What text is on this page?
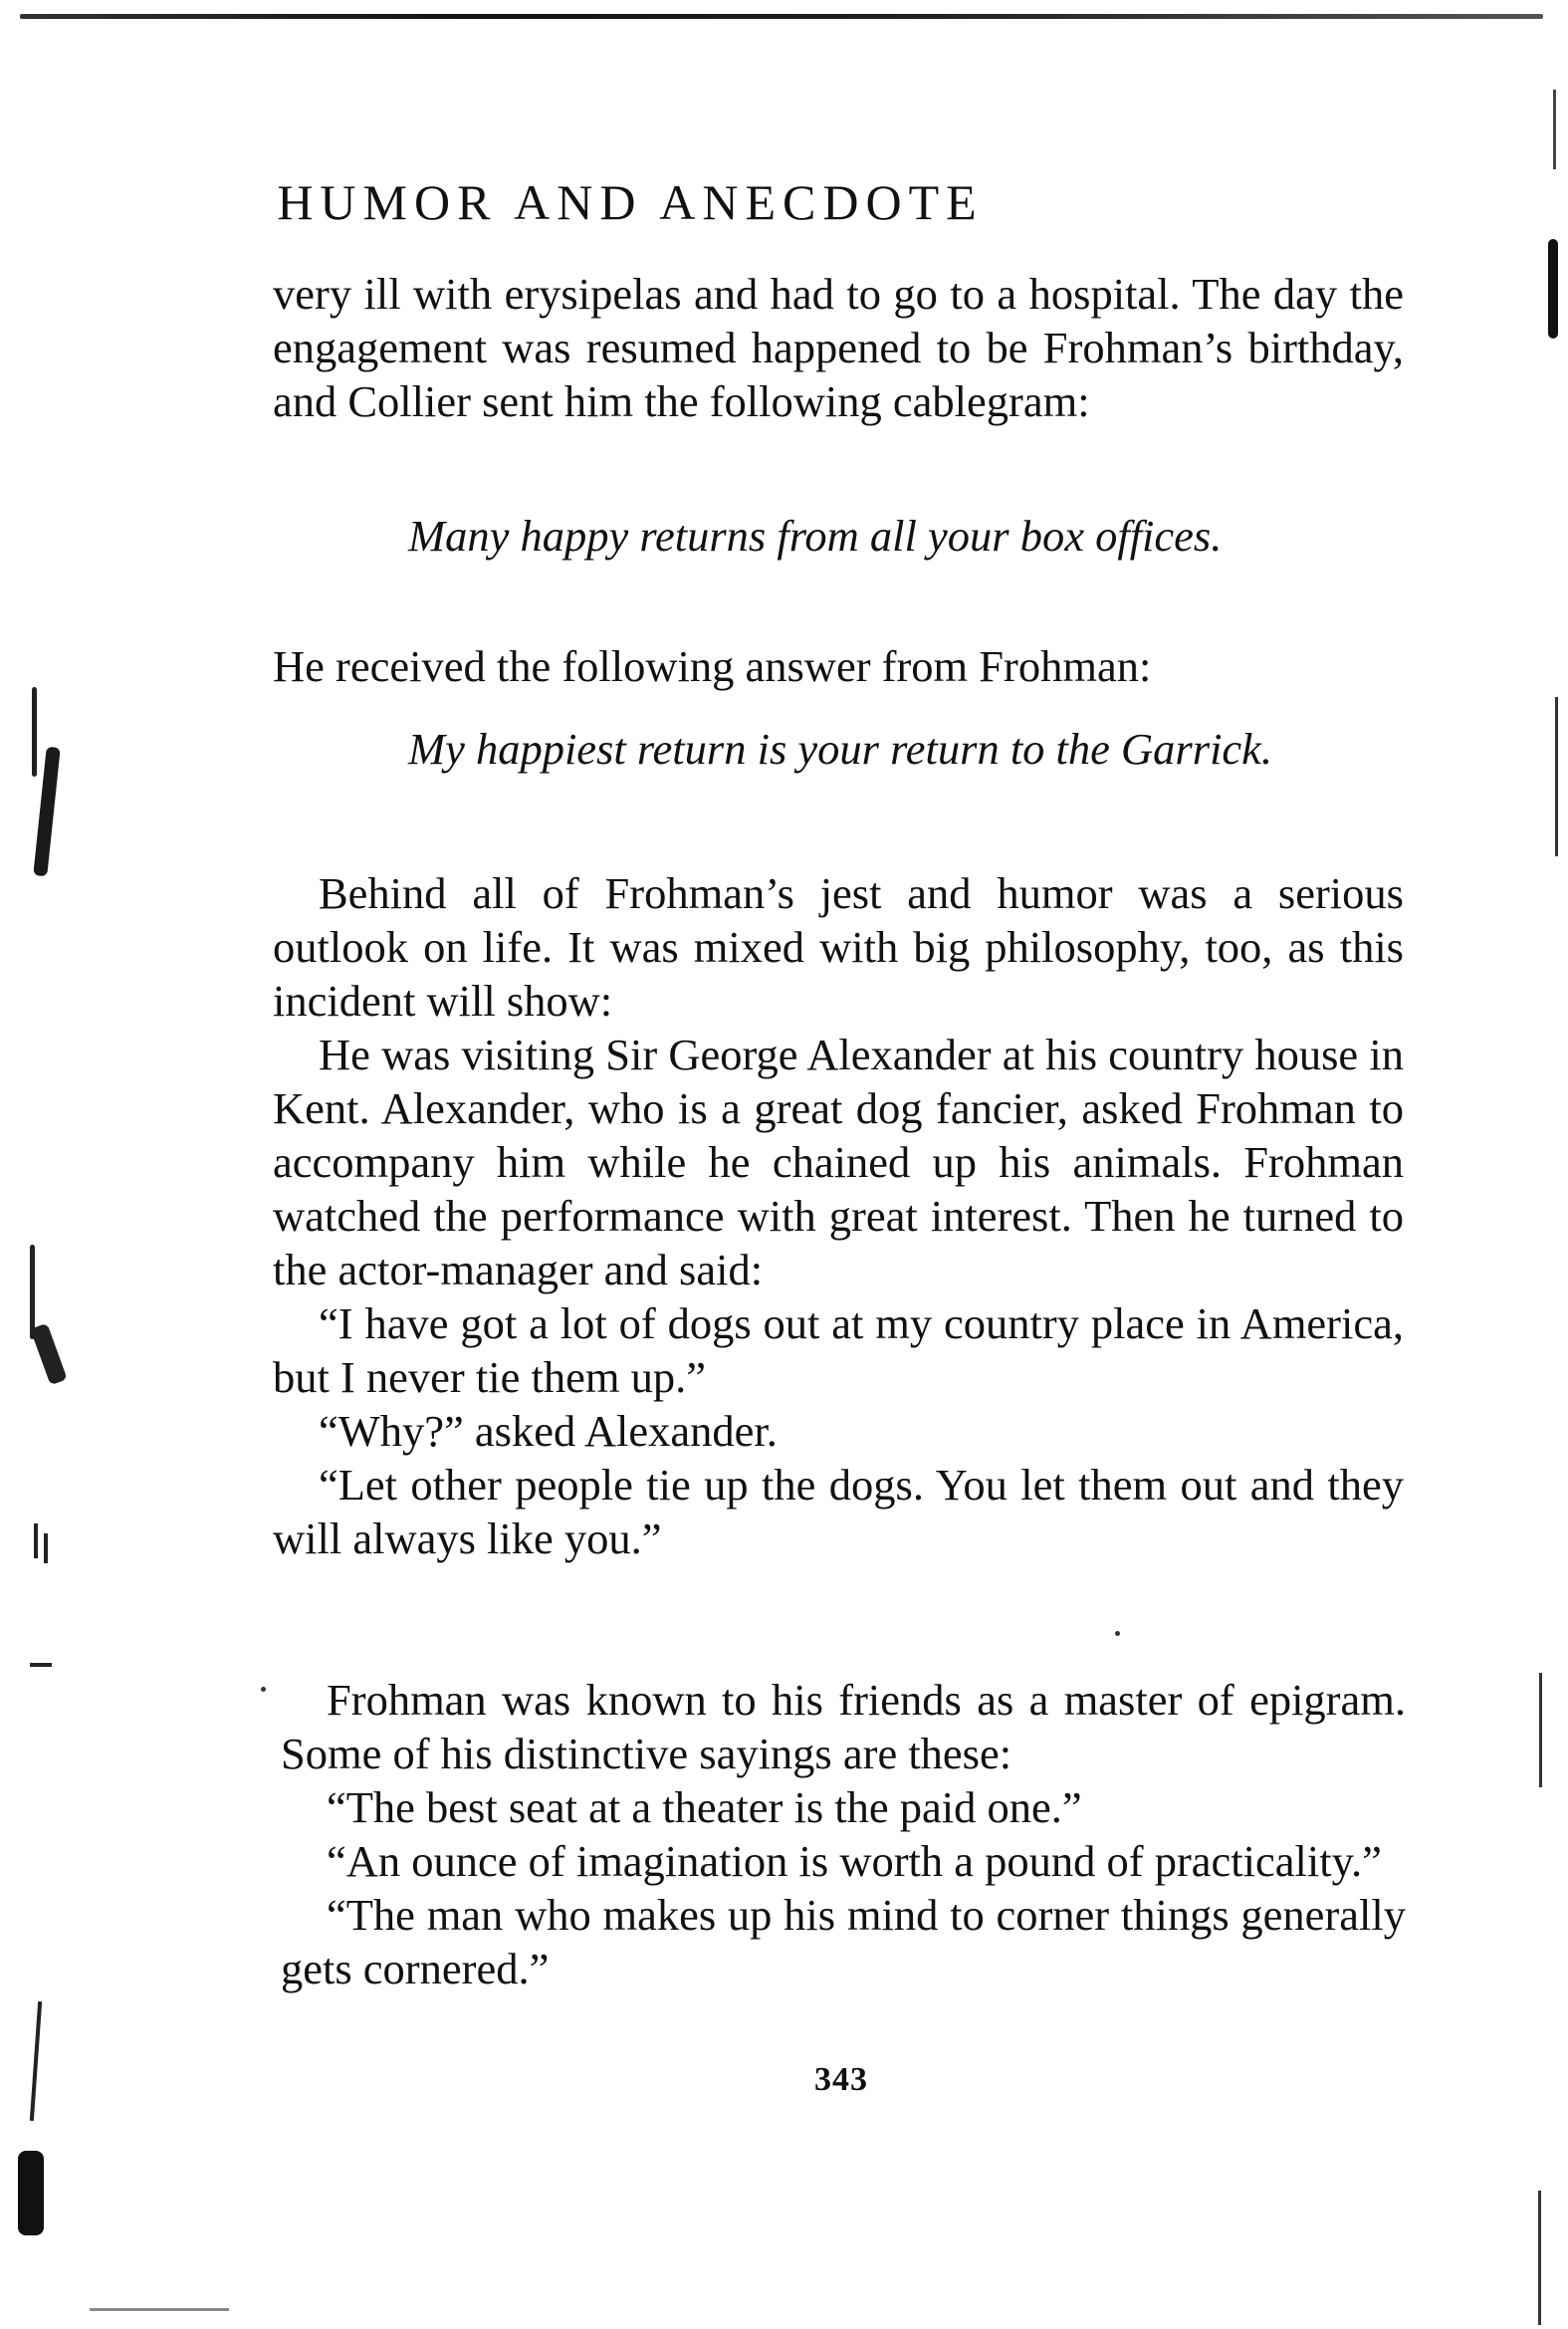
HUMOR AND ANECDOTE

very ill with erysipelas and had to go to a hospital. The day the engagement was resumed happened to be Frohman’s birthday, and Collier sent him the following cablegram:

Many happy returns from all your box offices.

He received the following answer from Frohman:

My happiest return is your return to the Garrick.

Behind all of Frohman’s jest and humor was a serious outlook on life. It was mixed with big philosophy, too, as this incident will show:

He was visiting Sir George Alexander at his country house in Kent. Alexander, who is a great dog fancier, asked Frohman to accompany him while he chained up his animals. Frohman watched the performance with great interest. Then he turned to the actor-manager and said:

“I have got a lot of dogs out at my country place in America, but I never tie them up.”

“Why?” asked Alexander.

“Let other people tie up the dogs. You let them out and they will always like you.”

Frohman was known to his friends as a master of epigram. Some of his distinctive sayings are these:

“The best seat at a theater is the paid one.”

“An ounce of imagination is worth a pound of practicality.”

“The man who makes up his mind to corner things generally gets cornered.”

343
